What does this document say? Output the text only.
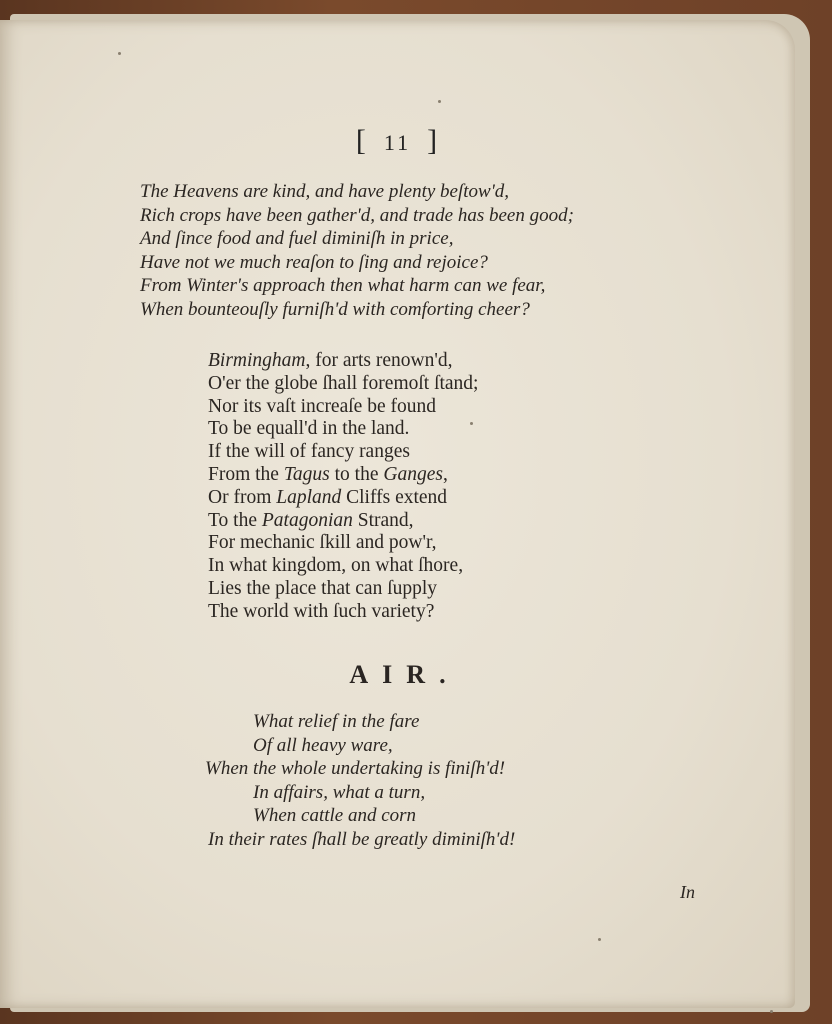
[ 11 ]
The Heavens are kind, and have plenty beſtow'd,
Rich crops have been gather'd, and trade has been good;
And ſince food and fuel diminiſh in price,
Have not we much reaſon to ſing and rejoice?
From Winter's approach then what harm can we fear,
When bounteouſly furniſh'd with comforting cheer?
Birmingham, for arts renown'd,
O'er the globe ſhall foremoſt ſtand;
Nor its vaſt increaſe be found
To be equall'd in the land.
If the will of fancy ranges
From the Tagus to the Ganges,
Or from Lapland Cliffs extend
To the Patagonian Strand,
For mechanic ſkill and pow'r,
In what kingdom, on what ſhore,
Lies the place that can ſupply
The world with ſuch variety?
AIR.
What relief in the fare
Of all heavy ware,
When the whole undertaking is finiſh'd!
In affairs, what a turn,
When cattle and corn
In their rates ſhall be greatly diminiſh'd!
In
